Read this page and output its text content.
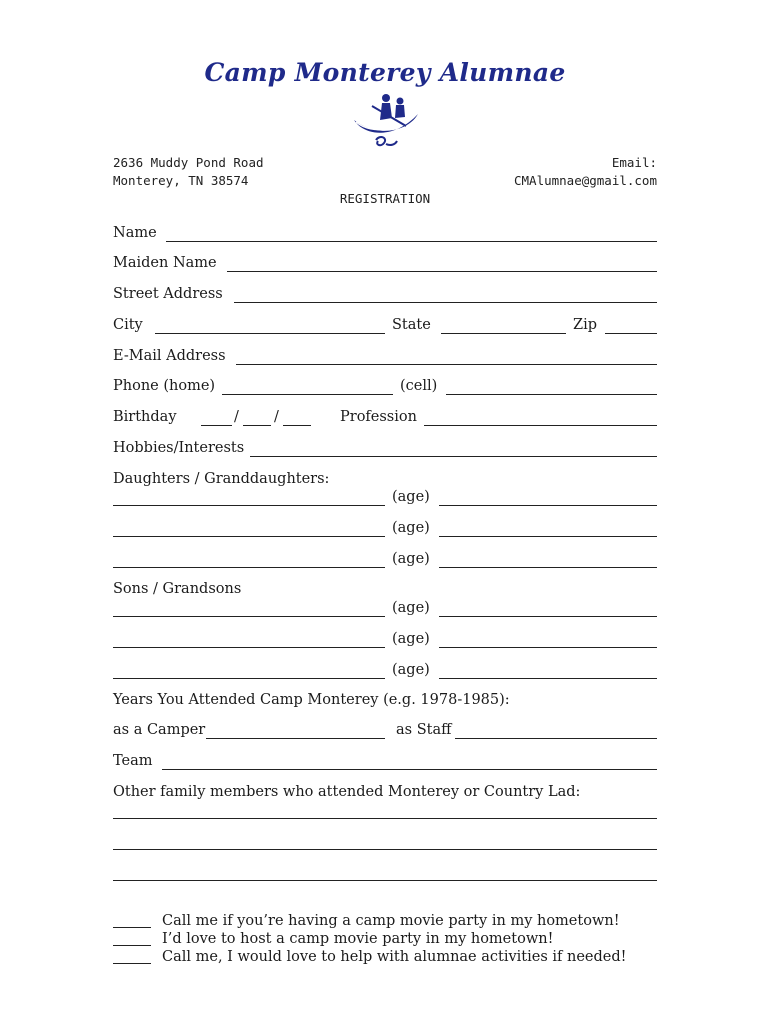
Camp Monterey Alumnae
2636 Muddy Pond Road
Monterey, TN 38574
Email:
CMAlumnae@gmail.com
REGISTRATION
Name
Maiden Name
Street Address
City	State	Zip
E-Mail Address
Phone (home)	(cell)
Birthday	/ /	Profession
Hobbies/Interests
Daughters / Granddaughters:
(age)
(age)
(age)
Sons / Grandsons
(age)
(age)
(age)
Years You Attended Camp Monterey (e.g. 1978-1985):
as a Camper	as Staff
Team
Other family members who attended Monterey or Country Lad:
Call me if you’re having a camp movie party in my hometown!
I’d love to host a camp movie party in my hometown!
Call me, I would love to help with alumnae activities if needed!
